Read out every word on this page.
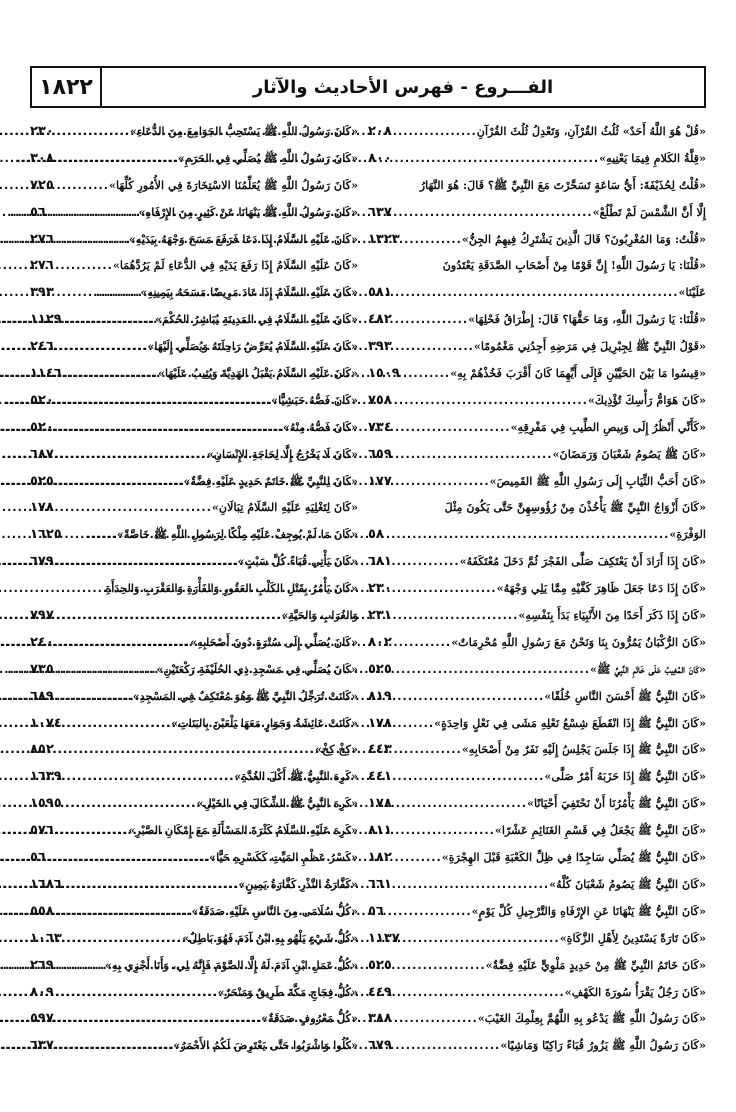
١٨٢٢	الفـــروع - فهرس الأحاديث والآثار
«قُلْ هُوَ اللَّهُ أَحَدٌ» ثُلُثُ القُرْآنِ، وَتَعْدِلُ ثُلُثَ القُرْآنِ
.....
٢٠٨
«قِلَّةُ الكَلامِ فِيمَا يَعْنِيهِ»
.....
٨٠٠
«قُلْتُ لِحُذَيْفَةَ: أَيُّ سَاعَةٍ تَسَحَّرْتَ مَعَ النَّبِيِّ ﷺ؟ قَالَ: هُوَ النَّهَارُ
إِلَّا أَنَّ الشَّمْسَ لَمْ تَطْلُعْ»
.....
٦٣٧
«قُلْتُ: وَمَا المُغْرِبُونَ؟ قَالَ الَّذِينَ يَشْتَرِكُ فِيهِمُ الجِنُّ»
.....
١٣٢٣
«قُلْنَا: يَا رَسُولَ اللَّهِ! إِنَّ قَوْمًا مِنْ أَصْحَابِ الصَّدَقَةِ يَعْتَدُونَ
عَلَيْنَا»
.....
٥٨١
«قُلْنَا: يَا رَسُولَ اللَّهِ، وَمَا حَقُّهَا؟ قَالَ: إِطْرَاقُ فَحْلِهَا»
.....
٤٨٢
«قَوْلُ النَّبِيِّ ﷺ لِجِبْرِيلَ فِي مَرَضِهِ أَجِدُنِي مَغْمُومًا»
.....
٣٩٣
«قِيسُوا مَا بَيْنَ الحَيَّيْنِ فَإِلَى أَيِّهِمَا كَانَ أَقْرَبَ فَخُذْهُمْ بِهِ»
.....
١٥٠٩
«كَانَ هَوَامُّ رَأْسِكَ تُؤْذِيكَ»
.....
٧٥٨
«كَأَنِّي أَنْظُرُ إِلَى وَبِيصِ الطِّيبِ فِي مَفْرِقِهِ»
.....
٧٣٤
«كَانَ ﷺ يَصُومُ شَعْبَانَ وَرَمَضَانَ»
.....
٦٥٩
«كَانَ أَحَبُّ الثِّيَابِ إِلَى رَسُولِ اللَّهِ ﷺ القَمِيصَ»
.....
١٧٧
«كَانَ أَزْوَاجُ النَّبِيِّ ﷺ يَأْخُذْنَ مِنْ رُؤُوسِهِنَّ حَتَّى يَكُونَ مِثْلَ
الوَفْرَةِ»
.....
٥٨
«كَانَ إِذَا أَرَادَ أَنْ يَعْتَكِفَ صَلَّى الفَجْرَ ثُمَّ دَخَلَ مُعْتَكَفَهُ»
.....
٦٨١
«كَانَ إِذَا دَعَا جَعَلَ ظَاهِرَ كَفَّيْهِ مِمَّا يَلِي وَجْهَهُ»
.....
٢٣٠
«كَانَ إِذَا ذَكَرَ أَحَدًا مِنَ الأَنْبِيَاءِ بَدَأَ بِنَفْسِهِ»
.....
٢٣١
«كَانَ الرُّكْبَانُ يَمُرُّونَ بِنَا وَنَحْنُ مَعَ رَسُولِ اللَّهِ مُحْرِمَاتٌ»
.....
٨٠٢
«كَانَ المُغِيبُ عَلَى خَاتَمِ النَّبِيِّ ﷺ»
.....
٥٢٥
«كَانَ النَّبِيُّ ﷺ أَحْسَنَ النَّاسِ خُلُقًا»
.....
٨١٩
«كَانَ النَّبِيُّ ﷺ إِذَا انْقَطَعَ شِسْعُ نَعْلِهِ مَشَى فِي نَعْلٍ وَاحِدَةٍ»
.....
١٧٨
«كَانَ النَّبِيُّ ﷺ إِذَا جَلَسَ يَجْلِسُ إِلَيْهِ نَفَرٌ مِنْ أَصْحَابِهِ»
.....
٤٤٣
«كَانَ النَّبِيُّ ﷺ إِذَا حَزَبَهُ أَمْرٌ صَلَّى»
.....
٤٤١
«كَانَ النَّبِيُّ ﷺ يَأْمُرُنَا أَنْ نَحْتَفِيَ أَحْيَانًا»
.....
١٧٨
«كَانَ النَّبِيُّ ﷺ يَجْعَلُ فِي قَسْمِ الغَنَائِمِ عَشْرًا»
.....
٨١١
«كَانَ النَّبِيُّ ﷺ يُصَلِّي سَاجِدًا فِي ظِلِّ الكَعْبَةِ قَبْلَ الهِجْرَةِ»
.....
١٨٢
«كَانَ النَّبِيُّ ﷺ يَصُومُ شَعْبَانَ كُلَّهُ»
.....
٦٦١
«كَانَ النَّبِيُّ ﷺ يَنْهَانَا عَنِ الإِرْفَاهِ وَالتَّرْجِيلِ كُلَّ يَوْمٍ»
.....
٥٦
«كَانَ تَارَةً يَسْتَدِينُ لِأَهْلِ الزَّكَاةِ»
.....
١١٣٧
«كَانَ خَاتَمُ النَّبِيِّ ﷺ مِنْ حَدِيدٍ مَلْوِيٍّ عَلَيْهِ فِضَّةٌ»
.....
٥٢٥
«كَانَ رَجُلٌ يَقْرَأُ سُورَةَ الكَهْفِ»
.....
٤٤٩
«كَانَ رَسُولُ اللَّهِ ﷺ يَدْعُو بِهِ اللَّهُمَّ بِعِلْمِكَ الغَيْبَ»
.....
٣٨٨
«كَانَ رَسُولُ اللَّهِ ﷺ يَزُورُ قُبَاءً رَاكِبًا وَمَاشِيًا»
.....
٦٧٩
«كَانَ رَسُولُ اللَّهِ ﷺ يَسْتَحِبُّ الجَوَامِعَ مِنَ الدُّعَاءِ»
.....
٢٣٠
«كَانَ رَسُولُ اللَّهِ ﷺ يُصَلِّي فِي الحَرَمِ»
.....
٣٠٨
«كَانَ رَسُولُ اللَّهِ ﷺ يُعَلِّمُنَا الاسْتِخَارَةَ فِي الأُمُورِ كُلِّهَا»
.....
٧٢٥
«كَانَ رَسُولُ اللَّهِ ﷺ يَنْهَانَا عَنْ كَثِيرٍ مِنَ الإِرْفَاهِ»
.....
٥٦
«كَانَ عَلَيْهِ السَّلَامُ إِذَا دَعَا فَرَفَعَ مَسَحَ وَجْهَهُ بِيَدَيْهِ»
.....
٢٧٦
«كَانَ عَلَيْهِ السَّلَامُ إِذَا رَفَعَ يَدَيْهِ فِي الدُّعَاءِ لَمْ يَرُدَّهُمَا»
.....
٢٧٦
«كَانَ عَلَيْهِ السَّلَامُ إِذَا عَادَ مَرِيضًا مَسَحَهُ بِيَمِينِهِ»
.....
٣٩٣
«كَانَ عَلَيْهِ السَّلَامُ فِي المَدِينَةِ يُبَاشِرُ الحُكْمَ»
.....
١١٢٩
«كَانَ عَلَيْهِ السَّلَامُ يُعَرِّضُ رَاحِلَتَهُ وَيُصَلِّي إِلَيْهَا»
.....
٢٤٦
«كَانَ عَلَيْهِ السَّلَامُ يَقْبَلُ الهَدِيَّةَ وَيُثِيبُ عَلَيْهَا»
.....
١١٤٦
«كَانَ فَصُّهُ حَبَشِيًّا»
.....
٥٢٠
«كَانَ فَصُّهُ مِنْهُ»
.....
٥٢٠
«كَانَ لَا يَخْرُجُ إِلَّا لِحَاجَةِ الإِنْسَانِ»
.....
٦٨٧
«كَانَ لِلنَّبِيِّ ﷺ خَاتَمٌ حَدِيدٍ عَلَيْهِ فِضَّةٌ»
.....
٥٢٥
«كَانَ لِتَغْلِيَهِ عَلَيْهِ السَّلَامُ تِبَالَانِ»
.....
١٧٨
«كَانَ مَا لَمْ يُوجِفْ عَلَيْهِ مِلْكًا لِرَسُولِ اللَّهِ ﷺ خَاصَّةً»
.....
١٦٢٥
«كَانَ يَأْتِي قُبَاءً كُلَّ سَبْتٍ»
.....
٦٧٩
«كَانَ يَأْمُرُ بِقَتْلِ الكَلْبِ العَقُورِ وَالفَأْرَةِ وَالعَقْرَبِ وَالحِدَأَةِ
وَالغُرَابِ وَالحَيَّةِ»
.....
٧٩٧
«كَانَ يُصَلِّي إِلَى سُتْرَةٍ دُونَ أَصْحَابِهِ»
.....
٢٤٠
«كَانَ يُصَلِّي فِي مَسْجِدِ ذِي الحُلَيْفَةِ رَكْعَتَيْنِ»
.....
٧٣٥
«كَانَتْ تُرَجِّلُ النَّبِيَّ ﷺ وَهُوَ مُعْتَكِفٌ فِي المَسْجِدِ»
.....
٦٨٩
«كَانَتْ عَائِشَةُ وَجَوَارٍ مَعَهَا يَلْعَبْنَ بِالبَنَاتِ»
.....
١٠٧٤
«كِخْ كِخْ»
.....
٨٥٢
«كَرِهَ النَّبِيُّ ﷺ أَكْلَ الغُدَّةِ»
.....
١٦٣٩
«كَرِهَ النَّبِيُّ ﷺ الشِّكَالَ فِي الخَيْلِ»
.....
١٥٩٥
«كَرِهَ عَلَيْهِ السَّلَامُ كَثْرَةَ المَسْأَلَةِ مَعَ إِمْكَانِ الصَّبْرِ»
.....
٥٧٦
«كَسْرُ عَظْمِ المَيِّتِ كَكَسْرِهِ حَيًّا»
.....
٥٦
«كَفَّارَةُ النَّذْرِ كَفَّارَةُ يَمِينٍ»
.....
١٦٨٦
«كُلُّ سُلَامَى مِنَ النَّاسِ عَلَيْهِ صَدَقَةٌ»
.....
٥٥٨
«كُلُّ شَيْءٍ يَلْهُو بِهِ ابْنُ آدَمَ فَهُوَ بَاطِلٌ»
.....
١٠٦٣
«كُلُّ عَمَلِ ابْنِ آدَمَ لَهُ إِلَّا الصَّوْمَ فَإِنَّهُ لِي، وَأَنَا أَجْزِي بِهِ»
.....
٢٦٩
«كُلُّ فِجَاجِ مَكَّةَ طَرِيقٌ وَمَنْحَرٌ»
.....
٨٠٩
«كُلُّ مَعْرُوفٍ صَدَقَةٌ»
.....
٥٩٧
«كُلُوا وَاشْرَبُوا حَتَّى يَعْتَرِضَ لَكُمُ الأَحْمَرُ»
.....
٦٣٧
